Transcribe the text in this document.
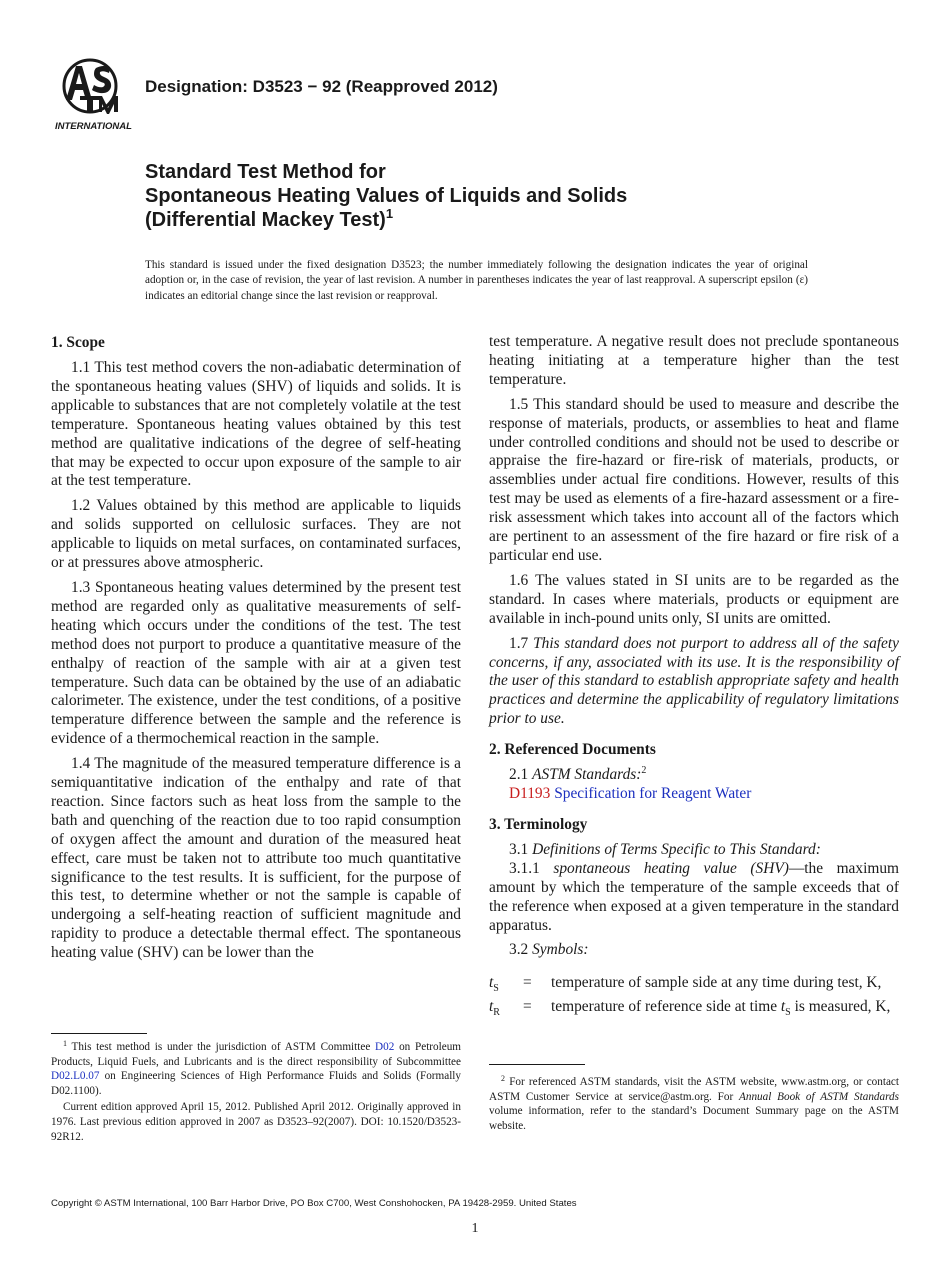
INTERNATIONAL
Designation: D3523 − 92 (Reapproved 2012)
Standard Test Method for
Spontaneous Heating Values of Liquids and Solids
(Differential Mackey Test)$^1$
This standard is issued under the fixed designation D3523; the number immediately following the designation indicates the year of original adoption or, in the case of revision, the year of last revision. A number in parentheses indicates the year of last reapproval. A superscript epsilon (ε) indicates an editorial change since the last revision or reapproval.
1. Scope

1.1 This test method covers the non-adiabatic determination of the spontaneous heating values (SHV) of liquids and solids. It is applicable to substances that are not completely volatile at the test temperature. Spontaneous heating values obtained by this test method are qualitative indications of the degree of self-heating that may be expected to occur upon exposure of the sample to air at the test temperature.

1.2 Values obtained by this method are applicable to liquids and solids supported on cellulosic surfaces. They are not applicable to liquids on metal surfaces, on contaminated surfaces, or at pressures above atmospheric.

1.3 Spontaneous heating values determined by the present test method are regarded only as qualitative measurements of self-heating which occurs under the conditions of the test. The test method does not purport to produce a quantitative measure of the enthalpy of reaction of the sample with air at a given test temperature. Such data can be obtained by the use of an adiabatic calorimeter. The existence, under the test conditions, of a positive temperature difference between the sample and the reference is evidence of a thermochemical reaction in the sample.

1.4 The magnitude of the measured temperature difference is a semiquantitative indication of the enthalpy and rate of that reaction. Since factors such as heat loss from the sample to the bath and quenching of the reaction due to too rapid consumption of oxygen affect the amount and duration of the measured heat effect, care must be taken not to attribute too much quantitative significance to the test results. It is sufficient, for the purpose of this test, to determine whether or not the sample is capable of undergoing a self-heating reaction of sufficient magnitude and rapidity to produce a detectable thermal effect. The spontaneous heating value (SHV) can be lower than the

test temperature. A negative result does not preclude spontaneous heating initiating at a temperature higher than the test temperature.

1.5 This standard should be used to measure and describe the response of materials, products, or assemblies to heat and flame under controlled conditions and should not be used to describe or appraise the fire-hazard or fire-risk of materials, products, or assemblies under actual fire conditions. However, results of this test may be used as elements of a fire-hazard assessment or a fire-risk assessment which takes into account all of the factors which are pertinent to an assessment of the fire hazard or fire risk of a particular end use.

1.6 The values stated in SI units are to be regarded as the standard. In cases where materials, products or equipment are available in inch-pound units only, SI units are omitted.

1.7 This standard does not purport to address all of the safety concerns, if any, associated with its use. It is the responsibility of the user of this standard to establish appropriate safety and health practices and determine the applicability of regulatory limitations prior to use.

2. Referenced Documents

2.1 ASTM Standards:$^2$

D1193 Specification for Reagent Water

3. Terminology

3.1 Definitions of Terms Specific to This Standard:

3.1.1 spontaneous heating value (SHV)—the maximum amount by which the temperature of the sample exceeds that of the reference when exposed at a given temperature in the standard apparatus.

3.2 Symbols:

$t_S$	=	temperature of sample side at any time during test, K,
$t_R$	=	temperature of reference side at time $t_S$ is measured, K,

$^1$ This test method is under the jurisdiction of ASTM Committee D02 on Petroleum Products, Liquid Fuels, and Lubricants and is the direct responsibility of Subcommittee D02.L0.07 on Engineering Sciences of High Performance Fluids and Solids (Formally D02.1100).

Current edition approved April 15, 2012. Published April 2012. Originally approved in 1976. Last previous edition approved in 2007 as D3523–92(2007). DOI: 10.1520/D3523-92R12.

$^2$ For referenced ASTM standards, visit the ASTM website, www.astm.org, or contact ASTM Customer Service at service@astm.org. For Annual Book of ASTM Standards volume information, refer to the standard’s Document Summary page on the ASTM website.

Copyright © ASTM International, 100 Barr Harbor Drive, PO Box C700, West Conshohocken, PA 19428-2959. United States
1
